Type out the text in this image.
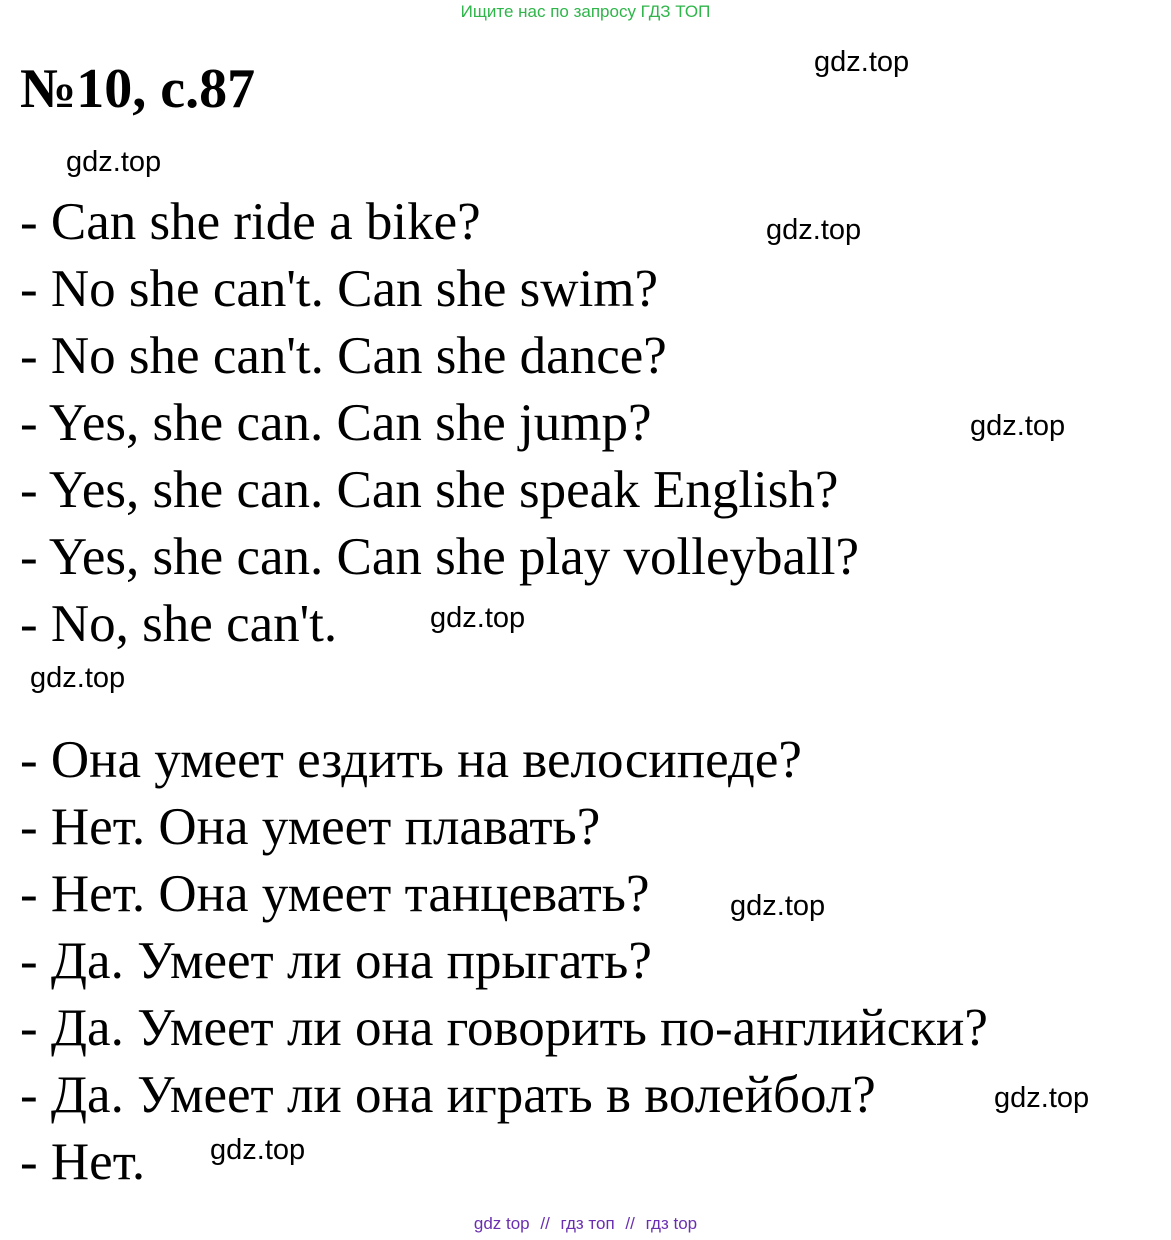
Ищите нас по запросу ГДЗ ТОП
№10, с.87
- Can she ride a bike?
- No she can't. Can she swim?
- No she can't. Can she dance?
- Yes, she can. Can she jump?
- Yes, she can. Can she speak English?
- Yes, she can. Can she play volleyball?
- No, she can't.
- Она умеет ездить на велосипеде?
- Нет. Она умеет плавать?
- Нет. Она умеет танцевать?
- Да. Умеет ли она прыгать?
- Да. Умеет ли она говорить по-английски?
- Да. Умеет ли она играть в волейбол?
- Нет.
gdz.top
gdz.top
gdz.top
gdz.top
gdz.top
gdz.top
gdz.top
gdz.top
gdz.top
gdz top // гдз топ // гдз top
